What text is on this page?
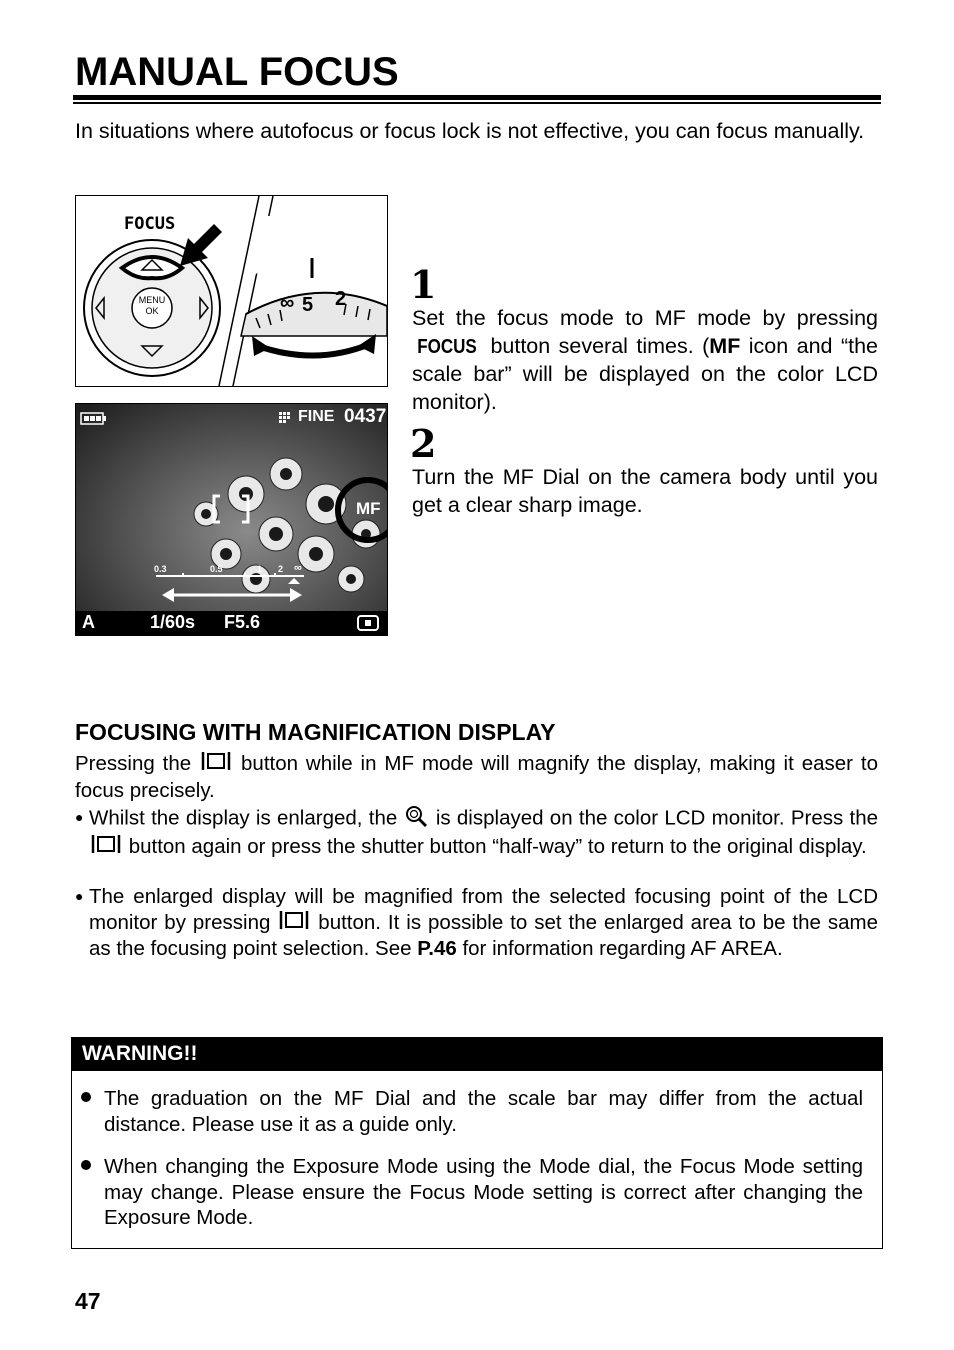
MANUAL FOCUS

In situations where autofocus or focus lock is not effective, you can focus manually.

FOCUS
MENU
OK	∞ 5 2
FINE 0437
MF
0.3	0.5	1 2 ∞
A	1/60s F5.6
1

Set the focus mode to MF mode by pressing FOCUS button several times. (MF icon and “the scale bar” will be displayed on the color LCD monitor).

2

Turn the MF Dial on the camera body until you get a clear sharp image.

FOCUSING WITH MAGNIFICATION DISPLAY

Pressing the button while in MF mode will magnify the display, making it easer to focus precisely.

● Whilst the display is enlarged, the is displayed on the color LCD monitor. Press the  button again or press the shutter button “half-way” to return to the original display.

● The enlarged display will be magnified from the selected focusing point of the LCD monitor by pressing button. It is possible to set the enlarged area to be the same as the focusing point selection. See P.46 for information regarding AF AREA.

WARNING!!

The graduation on the MF Dial and the scale bar may differ from the actual distance. Please use it as a guide only.

When changing the Exposure Mode using the Mode dial, the Focus Mode setting may change. Please ensure the Focus Mode setting is correct after changing the Exposure Mode.

47
